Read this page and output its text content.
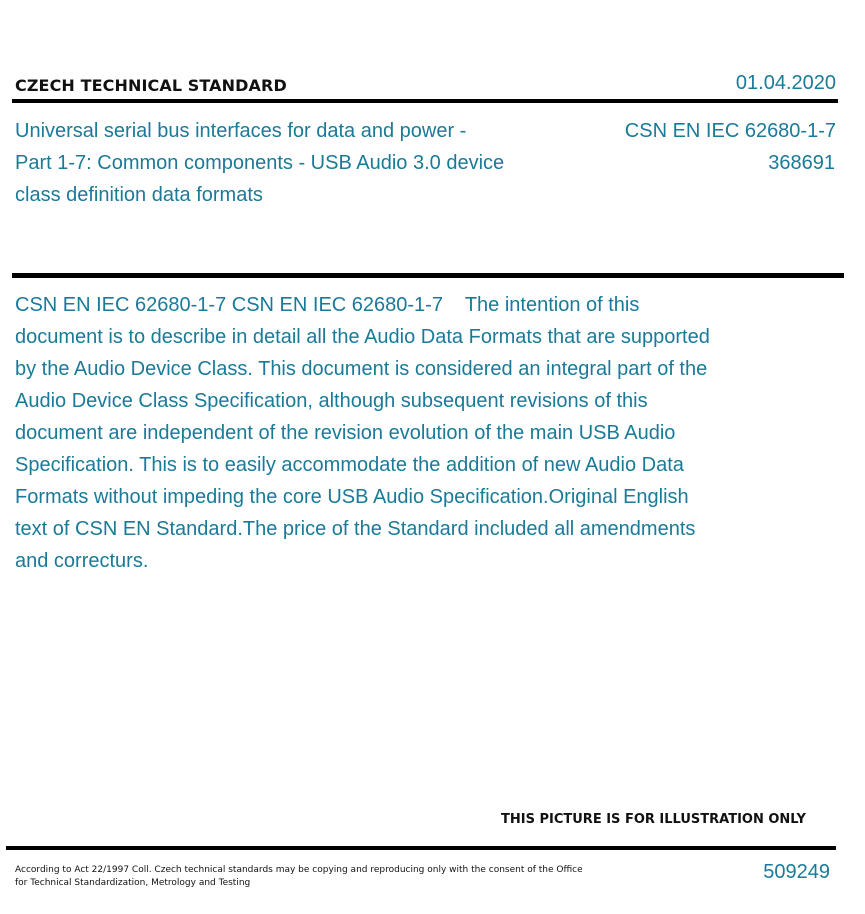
CZECH TECHNICAL STANDARD	01.04.2020
Universal serial bus interfaces for data and power - Part 1-7: Common components - USB Audio 3.0 device class definition data formats
CSN EN IEC 62680-1-7
368691
CSN EN IEC 62680-1-7 CSN EN IEC 62680-1-7    The intention of this document is to describe in detail all the Audio Data Formats that are supported by the Audio Device Class. This document is considered an integral part of the Audio Device Class Specification, although subsequent revisions of this document are independent of the revision evolution of the main USB Audio Specification. This is to easily accommodate the addition of new Audio Data Formats without impeding the core USB Audio Specification.Original English text of CSN EN Standard.The price of the Standard included all amendments and correcturs.
THIS PICTURE IS FOR ILLUSTRATION ONLY
According to Act 22/1997 Coll. Czech technical standards may be copying and reproducing only with the consent of the Office for Technical Standardization, Metrology and Testing	509249
